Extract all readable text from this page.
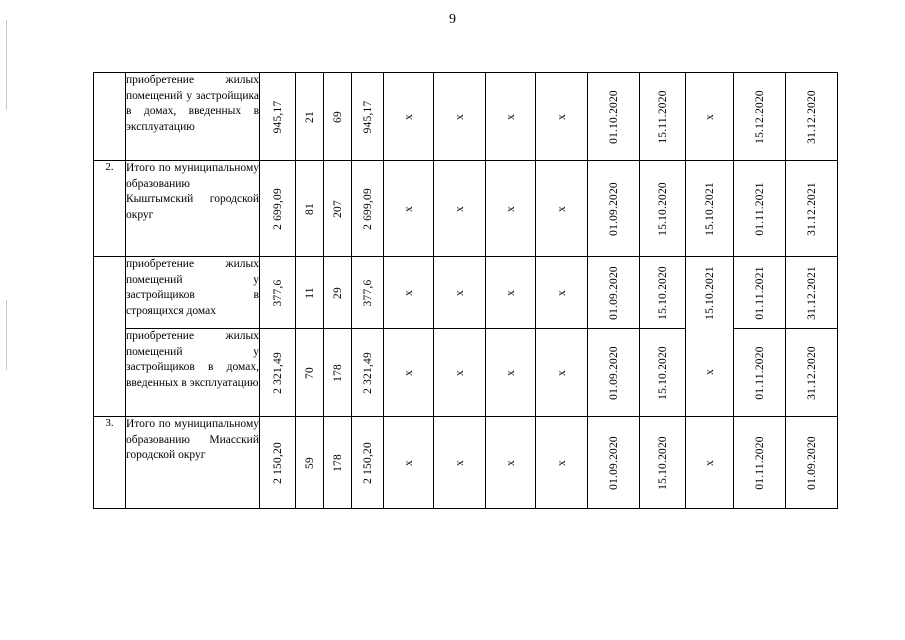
9
	приобретение жилых помещений у застройщика в домах, введенных в эксплуатацию	945,17	21	69	945,17	х	х	х	х	01.10.2020	15.11.2020	х	15.12.2020	31.12.2020

2.	Итого по муниципальному образованию Кыштымский городской округ	2 699,09	81	207	2 699,09	х	х	х	х	01.09.2020	15.10.2020	15.10.2021	01.11.2021	31.12.2021

	приобретение жилых помещений у застройщиков в строящихся домах	377,6	11	29	377,6	х	х	х	х	01.09.2020	15.10.2020	15.10.2021	01.11.2021	31.12.2021

	приобретение жилых помещений у застройщиков в домах, введенных в эксплуатацию	2 321,49	70	178	2 321,49	х	х	х	х	01.09.2020	15.10.2020	х	01.11.2020	31.12.2020

3.	Итого по муниципальному образованию Миасский городской округ	2 150,20	59	178	2 150,20	х	х	х	х	01.09.2020	15.10.2020	х	01.11.2020	01.09.2020
